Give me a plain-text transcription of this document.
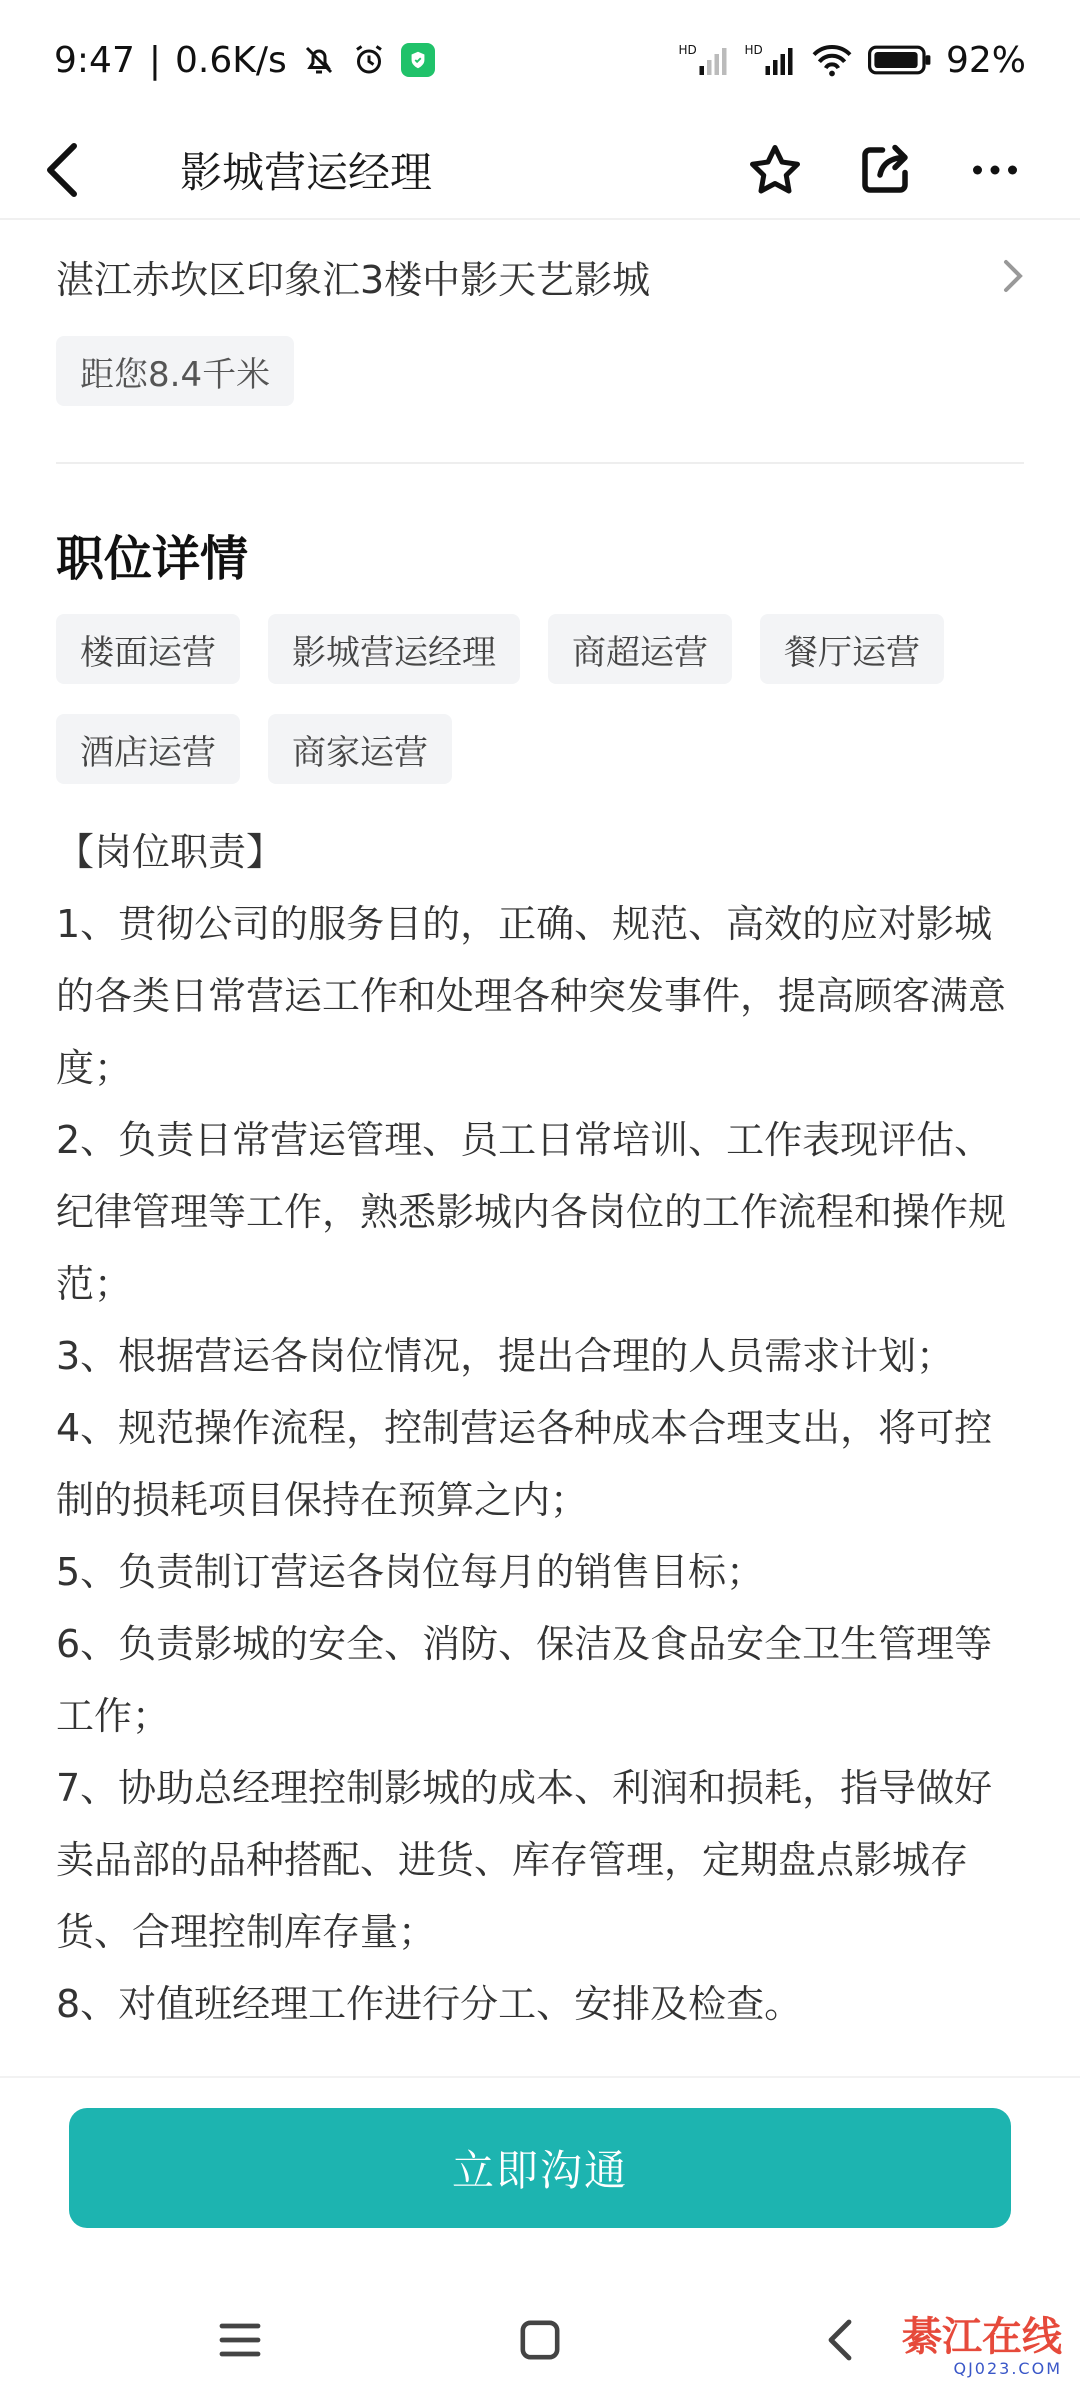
9:47 | 0.6K/s	HD	HD	92%
影城营运经理
湛江赤坎区印象汇3楼中影天艺影城
距您8.4千米
职位详情
楼面运营	影城营运经理	商超运营	餐厅运营
酒店运营	商家运营

【岗位职责】

1、贯彻公司的服务目的，正确、规范、高效的应对影城的各类日常营运工作和处理各种突发事件，提高顾客满意度；

2、负责日常营运管理、员工日常培训、工作表现评估、纪律管理等工作，熟悉影城内各岗位的工作流程和操作规范；

3、根据营运各岗位情况，提出合理的人员需求计划；

4、规范操作流程，控制营运各种成本合理支出，将可控制的损耗项目保持在预算之内；

5、负责制订营运各岗位每月的销售目标；

6、负责影城的安全、消防、保洁及食品安全卫生管理等工作；

7、协助总经理控制影城的成本、利润和损耗，指导做好卖品部的品种搭配、进货、库存管理，定期盘点影城存货、合理控制库存量；

8、对值班经理工作进行分工、安排及检查。

立即沟通
綦江在线
QJ023.COM
